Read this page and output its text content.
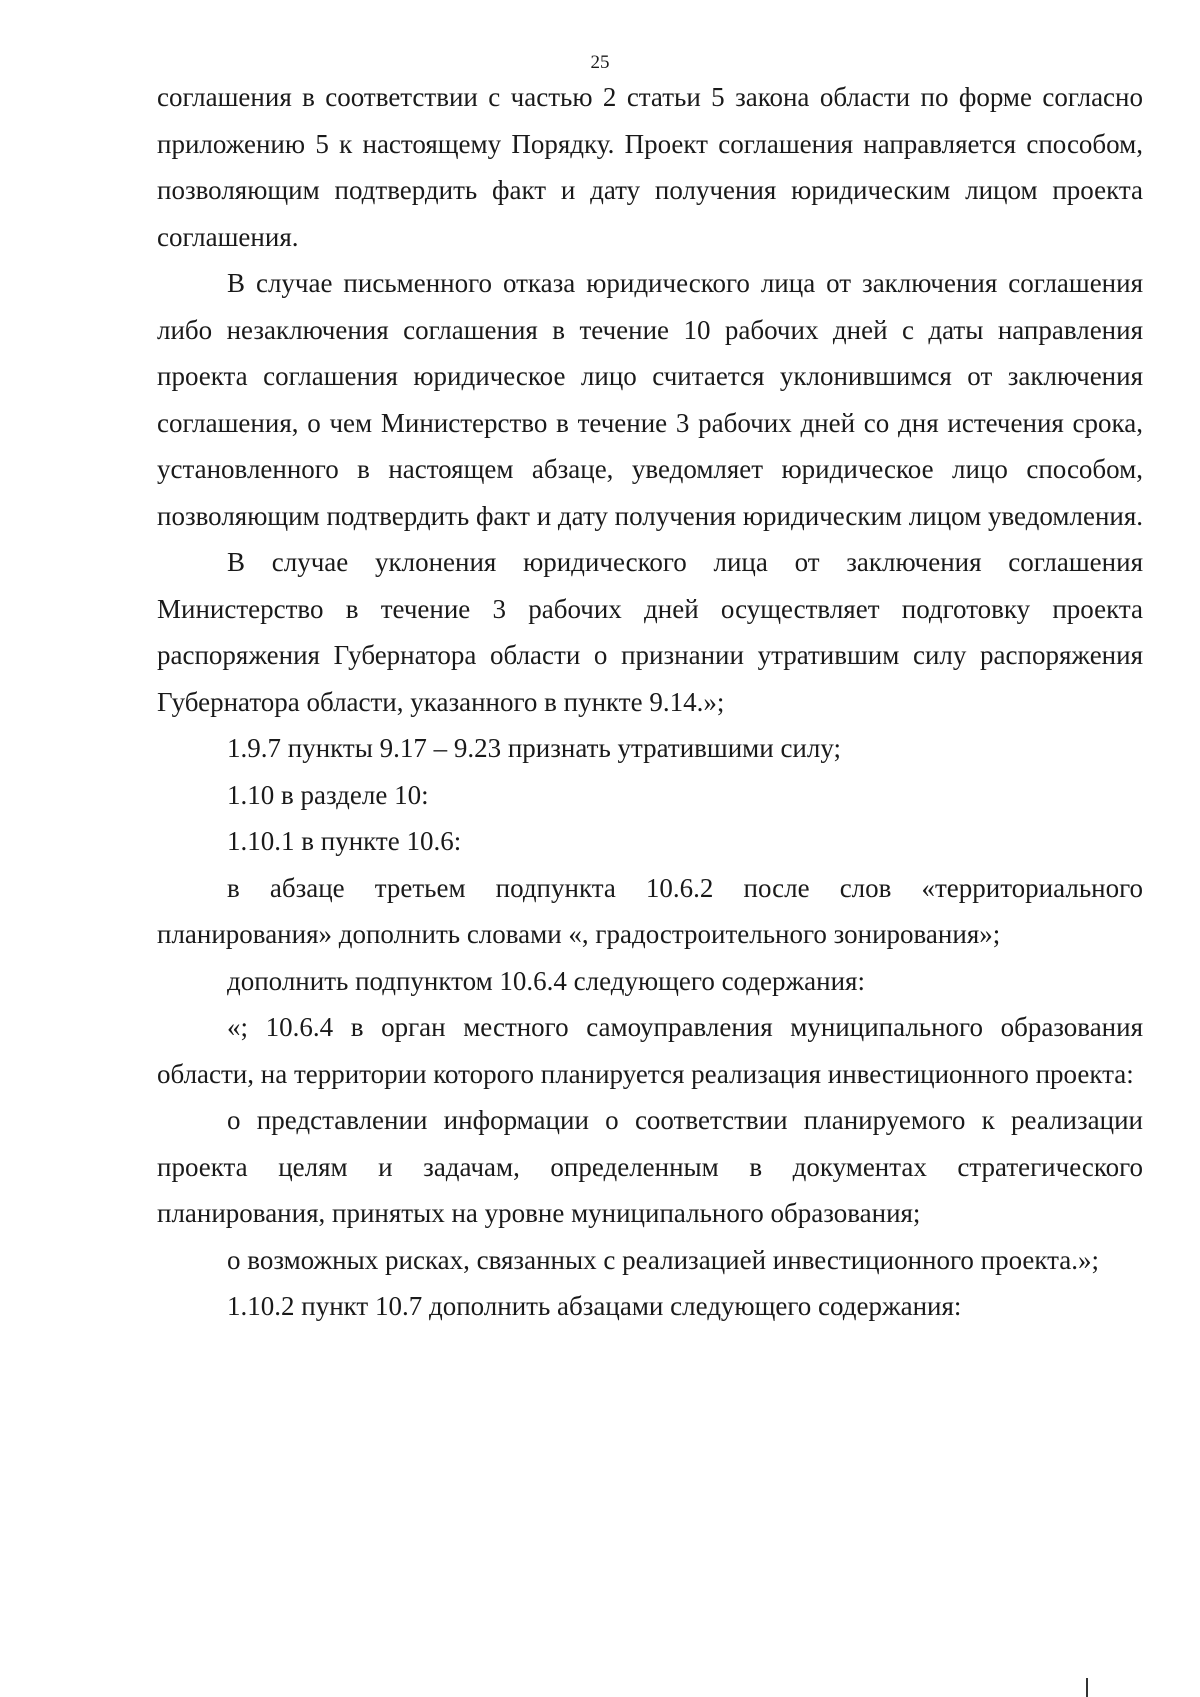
25

соглашения в соответствии с частью 2 статьи 5 закона области по форме согласно приложению 5 к настоящему Порядку. Проект соглашения направляется способом, позволяющим подтвердить факт и дату получения юридическим лицом проекта соглашения.

В случае письменного отказа юридического лица от заключения соглашения либо незаключения соглашения в течение 10 рабочих дней с даты направления проекта соглашения юридическое лицо считается уклонившимся от заключения соглашения, о чем Министерство в течение 3 рабочих дней со дня истечения срока, установленного в настоящем абзаце, уведомляет юридическое лицо способом, позволяющим подтвердить факт и дату получения юридическим лицом уведомления.

В случае уклонения юридического лица от заключения соглашения Министерство в течение 3 рабочих дней осуществляет подготовку проекта распоряжения Губернатора области о признании утратившим силу распоряжения Губернатора области, указанного в пункте 9.14.»;

1.9.7 пункты 9.17 – 9.23 признать утратившими силу;

1.10 в разделе 10:

1.10.1 в пункте 10.6:

в абзаце третьем подпункта 10.6.2 после слов «территориального планирования» дополнить словами «, градостроительного зонирования»;

дополнить подпунктом 10.6.4 следующего содержания:

«; 10.6.4 в орган местного самоуправления муниципального образования области, на территории которого планируется реализация инвестиционного проекта:

о представлении информации о соответствии планируемого к реализации проекта целям и задачам, определенным в документах стратегического планирования, принятых на уровне муниципального образования;

о возможных рисках, связанных с реализацией инвестиционного проекта.»;

1.10.2 пункт 10.7 дополнить абзацами следующего содержания:
